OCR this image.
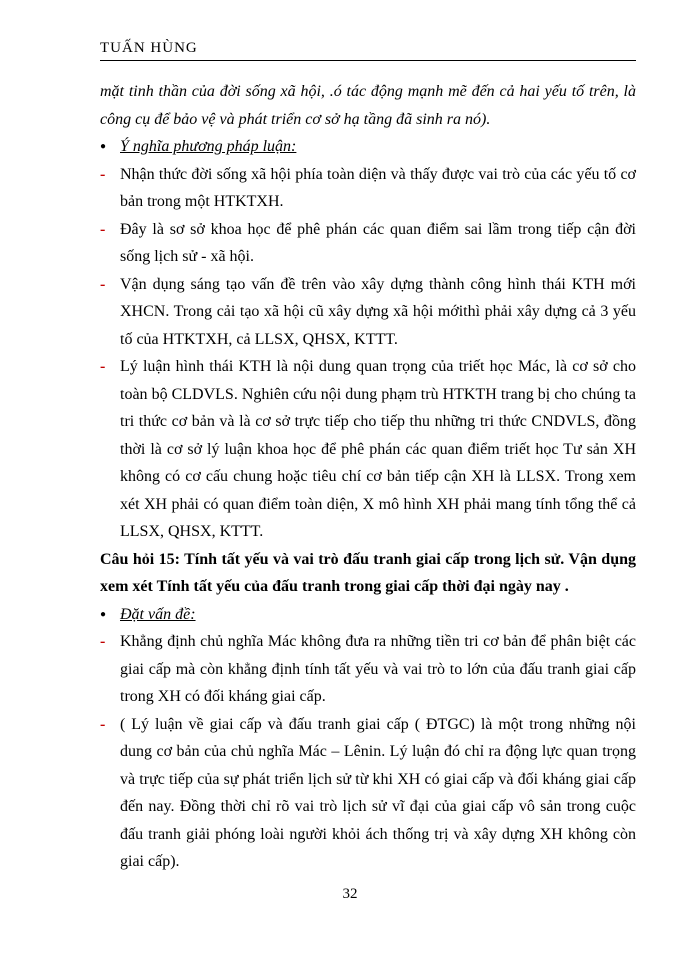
TUẤN HÙNG

mặt tinh thần của đời sống xã hội, .ó tác động mạnh mẽ đến cả hai yếu tố trên, là công cụ để bảo vệ và phát triển cơ sở hạ tầng đã sinh ra nó).

● Ý nghĩa phương pháp luận:
- Nhận thức đời sống xã hội phía toàn diện và thấy được vai trò của các yếu tố cơ bản trong một HTKTXH.

- Đây là sơ sở khoa học để phê phán các quan điểm sai lầm trong tiếp cận đời sống lịch sử - xã hội.

- Vận dụng sáng tạo vấn đề trên vào xây dựng thành công hình thái KTH mới XHCN. Trong cải tạo xã hội cũ xây dựng xã hội mớithì phải xây dựng cả 3 yếu tố của HTKTXH, cả LLSX, QHSX, KTTT.

- Lý luận hình thái KTH là nội dung quan trọng của triết học Mác, là cơ sở cho toàn bộ CLDVLS. Nghiên cứu nội dung phạm trù HTKTH trang bị cho chúng ta tri thức cơ bản và là cơ sở trực tiếp cho tiếp thu những tri thức CNDVLS, đồng thời là cơ sở lý luận khoa học để phê phán các quan điểm triết học Tư sản XH không có cơ cấu chung hoặc tiêu chí cơ bản tiếp cận XH là LLSX. Trong xem xét XH phải có quan điểm toàn diện, X mô hình XH phải mang tính tổng thể cả LLSX, QHSX, KTTT.

Câu hỏi 15: Tính tất yếu và vai trò đấu tranh giai cấp trong lịch sử. Vận dụng xem xét Tính tất yếu của đấu tranh trong giai cấp thời đại ngày nay .

● Đặt vấn đề:
- Khẳng định chủ nghĩa Mác không đưa ra những tiền tri cơ bản để phân biệt các giai cấp mà còn khẳng định tính tất yếu và vai trò to lớn của đấu tranh giai cấp trong XH có đối kháng giai cấp.

- ( Lý luận về giai cấp và đấu tranh giai cấp ( ĐTGC) là một trong những nội dung cơ bản của chủ nghĩa Mác – Lênin. Lý luận đó chỉ ra động lực quan trọng và trực tiếp của sự phát triển lịch sử từ khi XH có giai cấp và đối kháng giai cấp đến nay. Đồng thời chỉ rõ vai trò lịch sử vĩ đại của giai cấp vô sản trong cuộc đấu tranh giải phóng loài người khỏi ách thống trị và xây dựng XH không còn giai cấp).

32
